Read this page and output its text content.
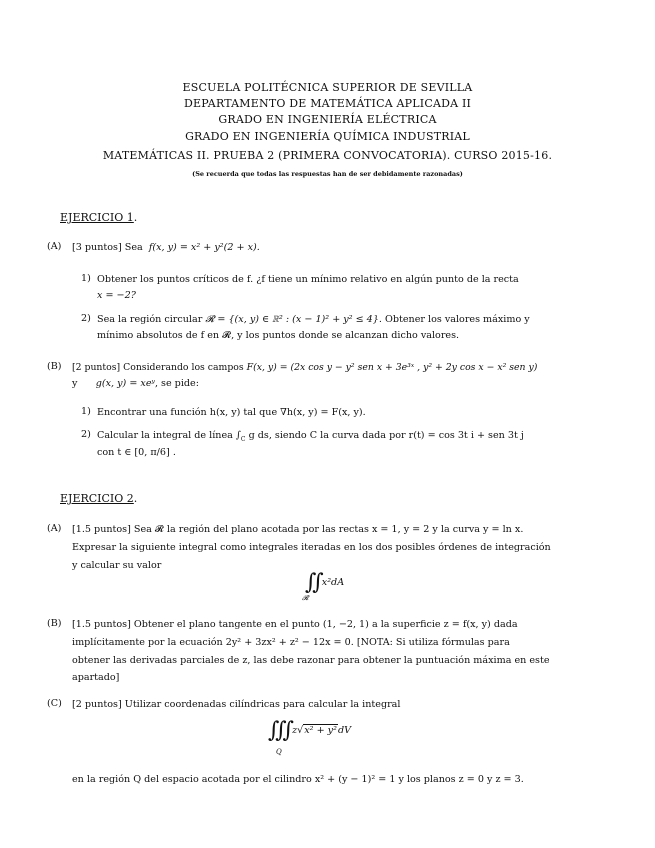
ESCUELA POLITÉCNICA SUPERIOR DE SEVILLA
DEPARTAMENTO DE MATEMÁTICA APLICADA II
GRADO EN INGENIERÍA ELÉCTRICA
GRADO EN INGENIERÍA QUÍMICA INDUSTRIAL
MATEMÁTICAS II. PRUEBA 2 (PRIMERA CONVOCATORIA). CURSO 2015-16.
(Se recuerda que todas las respuestas han de ser debidamente razonadas)
EJERCICIO 1.
(A) [3 puntos] Sea f(x, y) = x² + y²(2 + x).
1) Obtener los puntos críticos de f. ¿f tiene un mínimo relativo en algún punto de la recta
x = −2?
2) Sea la región circular 𝓡 = {(x, y) ∈ ℝ² : (x − 1)² + y² ≤ 4}. Obtener los valores máximo y
mínimo absolutos de f en 𝓡, y los puntos donde se alcanzan dicho valores.
(B) [2 puntos] Considerando los campos F(x, y) = (2x cos y − y² sen x + 3e³ˣ , y² + 2y cos x − x² sen y)
y g(x, y) = xeʸ, se pide:
1) Encontrar una función h(x, y) tal que ∇h(x, y) = F(x, y).
2) Calcular la integral de línea $\int_C$ g ds, siendo C la curva dada por r(t) = cos 3t i + sen 3t j
con t ∈ [0, π/6] .
EJERCICIO 2.
(A) [1.5 puntos] Sea 𝓡 la región del plano acotada por las rectas x = 1, y = 2 y la curva y = ln x.
Expresar la siguiente integral como integrales iteradas en los dos posibles órdenes de integración
y calcular su valor
∬ x²dA
𝓡
(B) [1.5 puntos] Obtener el plano tangente en el punto (1, −2, 1) a la superficie z = f(x, y) dada
implícitamente por la ecuación 2y² + 3zx² + z² − 12x = 0. [NOTA: Si utiliza fórmulas para
obtener las derivadas parciales de z, las debe razonar para obtener la puntuación máxima en este
apartado]
(C) [2 puntos] Utilizar coordenadas cilíndricas para calcular la integral
∭ z√x² + y²dV
Q
en la región Q del espacio acotada por el cilindro x² + (y − 1)² = 1 y los planos z = 0 y z = 3.
